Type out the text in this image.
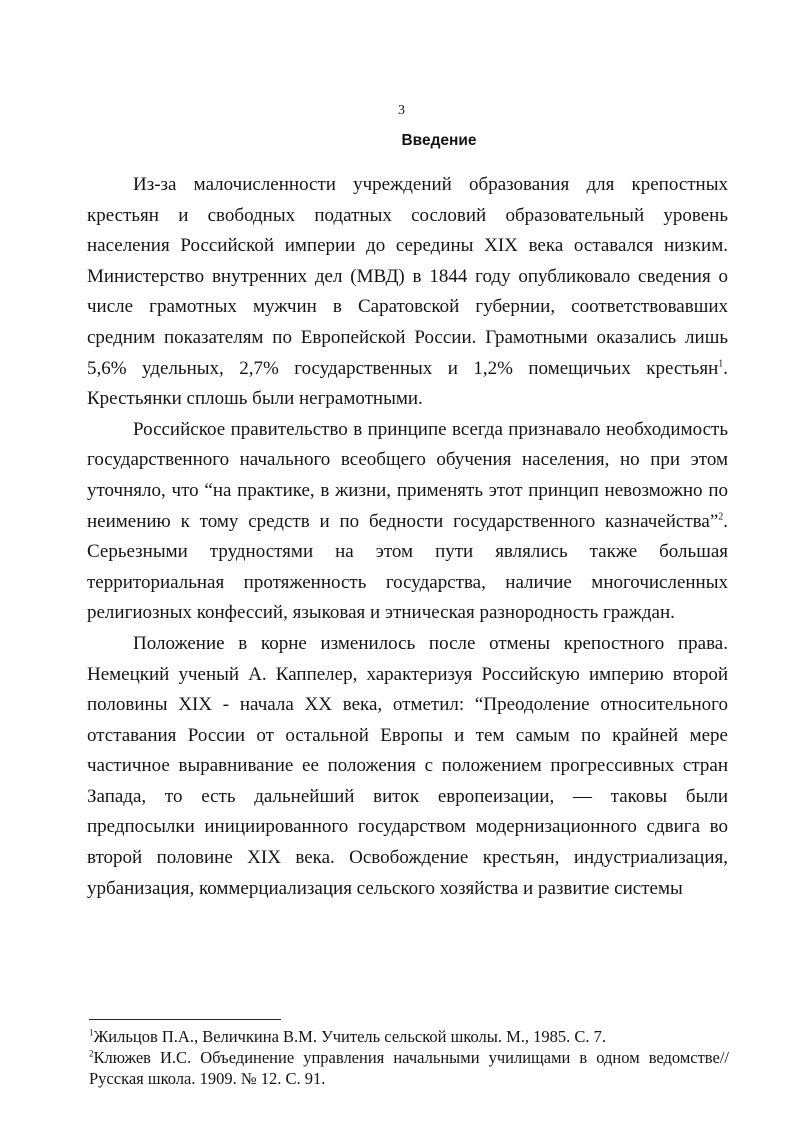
3
Введение

Из-за малочисленности учреждений образования для крепостных крестьян и свободных податных сословий образовательный уровень населения Российской империи до середины XIX века оставался низким. Министерство внутренних дел (МВД) в 1844 году опубликовало сведения о числе грамотных мужчин в Саратовской губернии, соответствовавших средним показателям по Европейской России. Грамотными оказались лишь 5,6% удельных, 2,7% государственных и 1,2% помещичьих крестьян$^1$. Крестьянки сплошь были неграмотными.

Российское правительство в принципе всегда признавало необходимость государственного начального всеобщего обучения населения, но при этом уточняло, что “на практике, в жизни, применять этот принцип невозможно по неимению к тому средств и по бедности государственного казначейства”$^2$. Серьезными трудностями на этом пути являлись также большая территориальная протяженность государства, наличие многочисленных религиозных конфессий, языковая и этническая разнородность граждан.

Положение в корне изменилось после отмены крепостного права. Немецкий ученый А. Каппелер, характеризуя Российскую империю второй половины XIX - начала XX века, отметил: “Преодоление относительного отставания России от остальной Европы и тем самым по крайней мере частичное выравнивание ее положения с положением прогрессивных стран Запада, то есть дальнейший виток европеизации, — таковы были предпосылки инициированного государством модернизационного сдвига во второй половине XIX века. Освобождение крестьян, индустриализация, урбанизация, коммерциализация сельского хозяйства и развитие системы

$^1$Жильцов П.А., Величкина В.М. Учитель сельской школы. М., 1985. С. 7.

$^2$Клюжев И.С. Объединение управления начальными училищами в одном ведомстве// Русская школа. 1909. № 12. С. 91.
